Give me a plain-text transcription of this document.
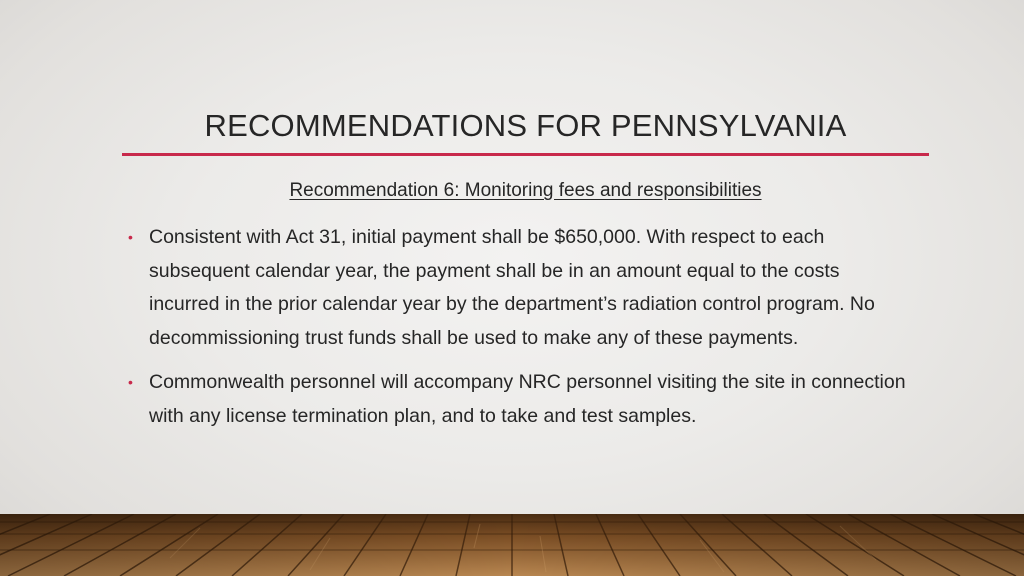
RECOMMENDATIONS FOR PENNSYLVANIA
Recommendation 6: Monitoring fees and responsibilities
• Consistent with Act 31, initial payment shall be $650,000. With respect to each subsequent calendar year, the payment shall be in an amount equal to the costs incurred in the prior calendar year by the department’s radiation control program. No decommissioning trust funds shall be used to make any of these payments.
• Commonwealth personnel will accompany NRC personnel visiting the site in connection with any license termination plan, and to take and test samples.
